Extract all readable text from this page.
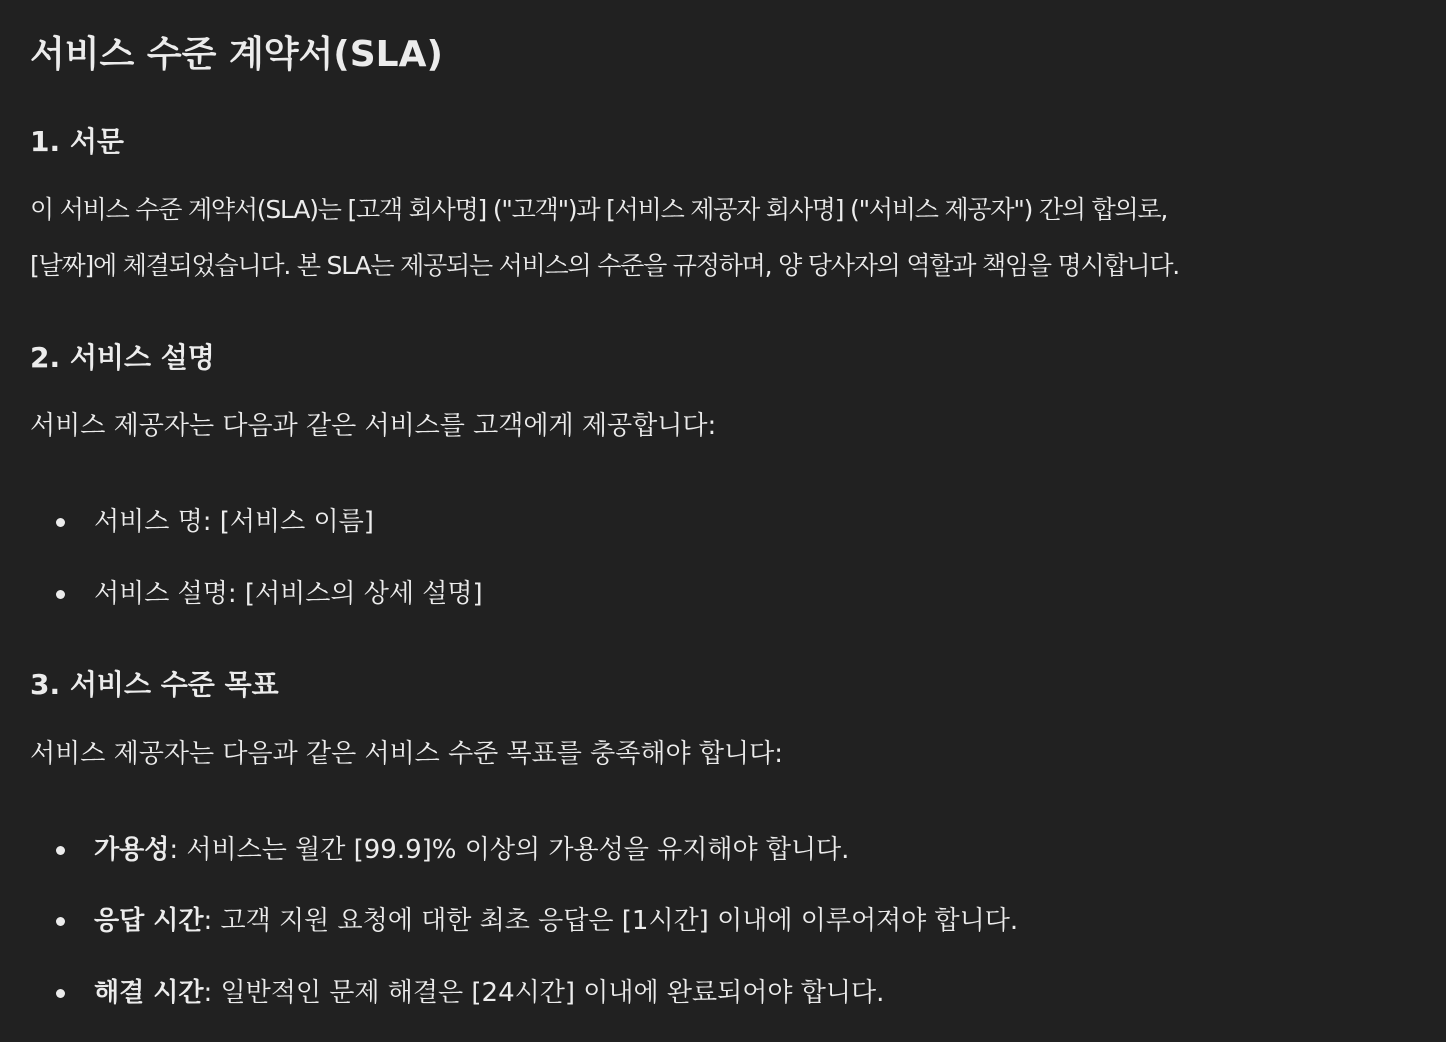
서비스 수준 계약서(SLA)
1. 서문

이 서비스 수준 계약서(SLA)는 [고객 회사명] ("고객")과 [서비스 제공자 회사명] ("서비스 제공자") 간의 합의로,

[날짜]에 체결되었습니다. 본 SLA는 제공되는 서비스의 수준을 규정하며, 양 당사자의 역할과 책임을 명시합니다.

2. 서비스 설명

서비스 제공자는 다음과 같은 서비스를 고객에게 제공합니다:

서비스 명: [서비스 이름]
서비스 설명: [서비스의 상세 설명]
3. 서비스 수준 목표

서비스 제공자는 다음과 같은 서비스 수준 목표를 충족해야 합니다:

가용성: 서비스는 월간 [99.9]% 이상의 가용성을 유지해야 합니다.
응답 시간: 고객 지원 요청에 대한 최초 응답은 [1시간] 이내에 이루어져야 합니다.
해결 시간: 일반적인 문제 해결은 [24시간] 이내에 완료되어야 합니다.
